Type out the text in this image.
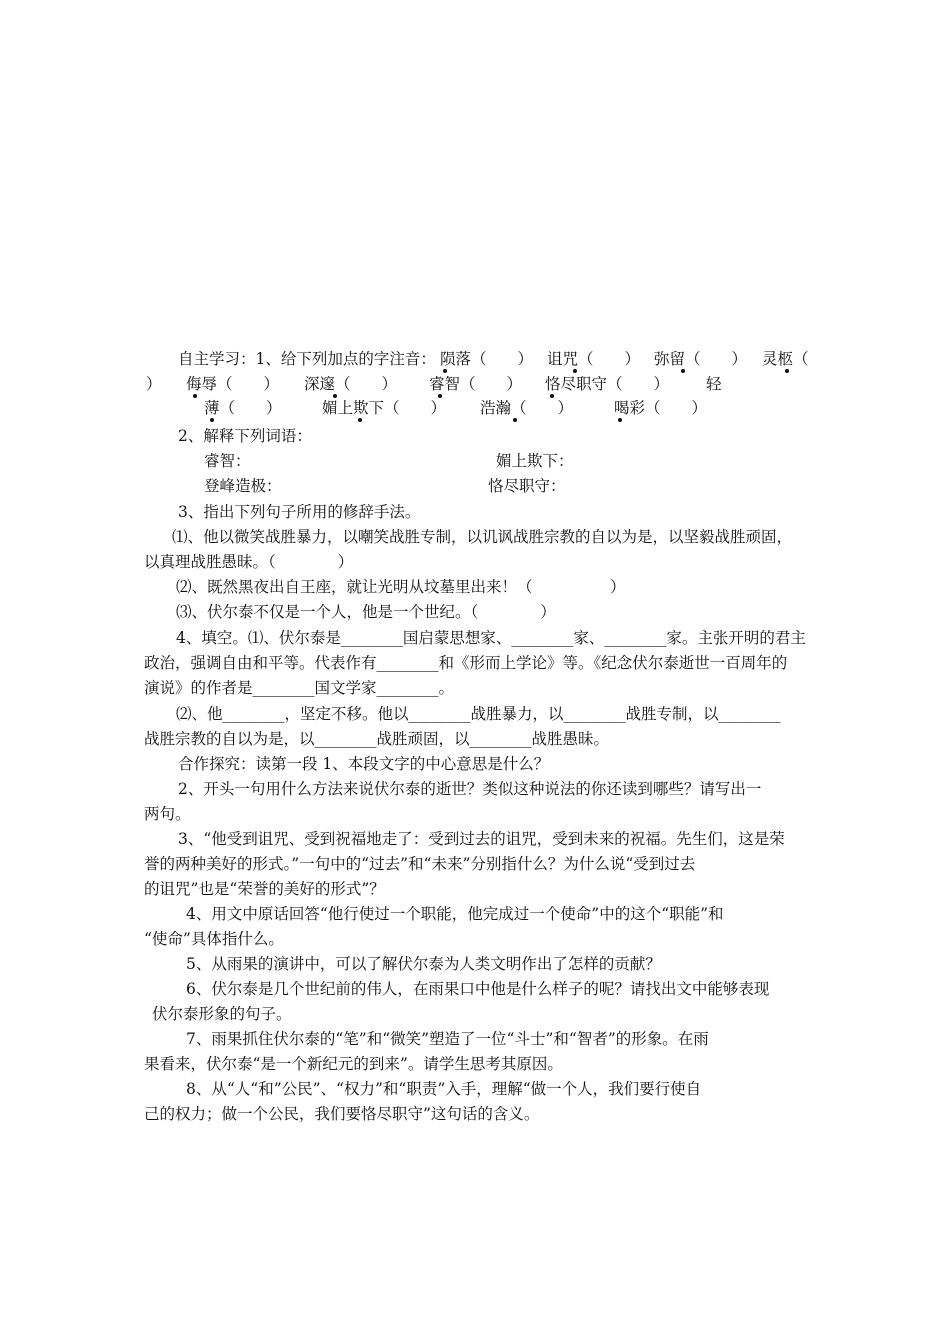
自主学习：1、给下列加点的字注音： 陨落（　　） 诅咒（　　） 弥留（　　） 灵柩（
） 侮辱（　　） 深邃（　　） 睿智（　　） 恪尽职守（　　） 轻
薄（　　）	媚上欺下（　　） 浩瀚（　　）	喝彩（　　）
2、解释下列词语：
睿智：	媚上欺下：
登峰造极：	恪尽职守：
3、指出下列句子所用的修辞手法。
⑴、他以微笑战胜暴力，以嘲笑战胜专制，以讥讽战胜宗教的自以为是，以坚毅战胜顽固，
以真理战胜愚昧。（　　　　）
⑵、既然黑夜出自王座，就让光明从坟墓里出来！（　　　　　）
⑶、伏尔泰不仅是一个人，他是一个世纪。（　　　　）
4、填空。⑴、伏尔泰是________国启蒙思想家、________家、________家。主张开明的君主
政治，强调自由和平等。代表作有________和《形而上学论》等。《纪念伏尔泰逝世一百周年的
演说》的作者是________国文学家________。
⑵、他________，坚定不移。他以________战胜暴力，以________战胜专制，以________
战胜宗教的自以为是，以________战胜顽固，以________战胜愚昧。
合作探究：读第一段 1、本段文字的中心意思是什么？
2、开头一句用什么方法来说伏尔泰的逝世？类似这种说法的你还读到哪些？请写出一
两句。
3、“他受到诅咒、受到祝福地走了：受到过去的诅咒，受到未来的祝福。先生们，这是荣
誉的两种美好的形式。”一句中的“过去”和“未来”分别指什么？为什么说“受到过去
的诅咒”也是“荣誉的美好的形式”？
4、用文中原话回答“他行使过一个职能，他完成过一个使命”中的这个“职能”和
“使命”具体指什么。
5、从雨果的演讲中，可以了解伏尔泰为人类文明作出了怎样的贡献？
6、伏尔泰是几个世纪前的伟人，在雨果口中他是什么样子的呢？请找出文中能够表现
伏尔泰形象的句子。
7、雨果抓住伏尔泰的“笔”和“微笑”塑造了一位“斗士”和“智者”的形象。在雨
果看来，伏尔泰“是一个新纪元的到来”。请学生思考其原因。
8、从“人“和”公民”、“权力”和“职责”入手，理解“做一个人，我们要行使自
己的权力；做一个公民，我们要恪尽职守”这句话的含义。
